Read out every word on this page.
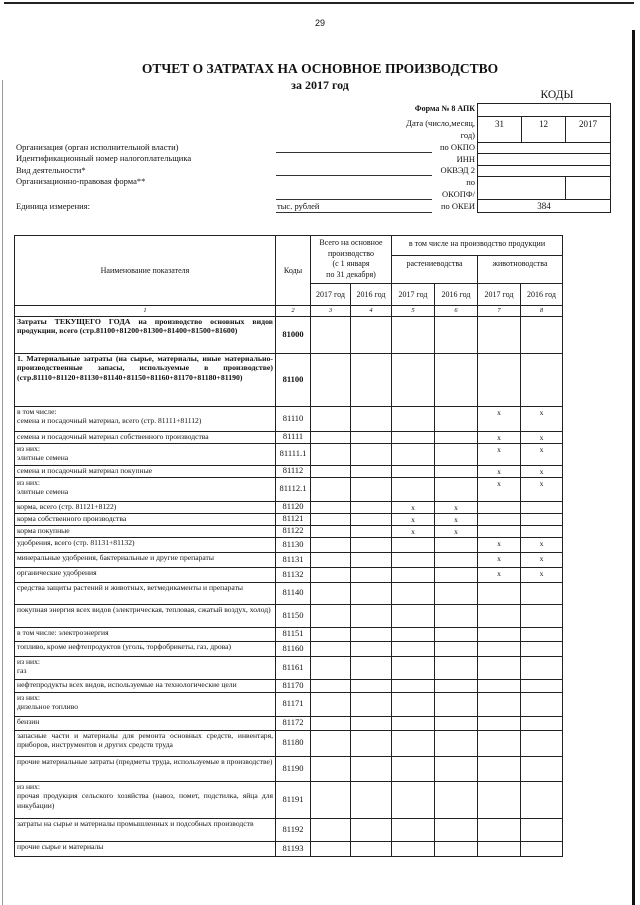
29
ОТЧЕТ О ЗАТРАТАХ НА ОСНОВНОЕ ПРОИЗВОДСТВО
за 2017 год
КОДЫ
Форма № 8 АПК
Дата (число,месяц,
год)
по ОКПО
ИНН
ОКВЭД 2
по
ОКОПФ/
по ОКЕИ
31	12	2017
384
Организация (орган исполнительной власти)
Идентификационный номер налогоплательщика
Вид деятельности*
Организационно-правовая форма**
Единица измерения:	тыс. рублей
Наименование показателя	Коды	Всего на основное
производство
(с 1 января
по 31 декабря)		в том числе на производство продукции			
				растениеводства		животноводства	
		2017 год	2016 год	2017 год	2016 год	2017 год	2016 год
1	2	3	4	5	6	7	8

Затраты ТЕКУЩЕГО ГОДА на производство основных видов продукции, всего (стр.81100+81200+81300+81400+81500+81600)	81000						

1. Материальные затраты (на сырье, материалы, иные материально-производственные запасы, используемые в производстве) (стр.81110+81120+81130+81140+81150+81160+81170+81180+81190)	81100						

в том числе:
семена и посадочный материал, всего (стр. 81111+81112)	81110					x	x

семена и посадочный материал собственного производства	81111					x	x

из них:
элитные семена	81111.1					x	x

семена и посадочный материал покупные	81112					x	x

из них:
элитные семена	81112.1					x	x

корма, всего (стр. 81121+8122)	81120			x	x		

корма собственного производства	81121			x	x		

корма покупные	81122			x	x		

удобрения, всего (стр. 81131+81132)	81130					x	x

минеральные удобрения, бактериальные и другие препараты	81131					x	x

органические удобрения	81132					x	x

средства защиты растений и животных, ветмедикаменты и препараты	81140						

покупная энергия всех видов (электрическая, тепловая, сжатый воздух, холод)	81150						

в том числе: электроэнергия	81151						

топливо, кроме нефтепродуктов (уголь, торфобрикеты, газ, дрова)	81160						

из них:
газ	81161						

нефтепродукты всех видов, используемые на технологические цели	81170						

из них:
дизельное топливо	81171						

бензин	81172						

запасные части и материалы для ремонта основных средств, инвентаря, приборов, инструментов и других средств труда	81180						

прочие материальные затраты (предметы труда, используемые в производстве)	81190						

из них:
прочая продукция сельского хозяйства (навоз, помет, подстилка, яйца для инкубации)	81191						

затраты на сырье и материалы промышленных и подсобных производств	81192						

прочие сырье и материалы	81193						
